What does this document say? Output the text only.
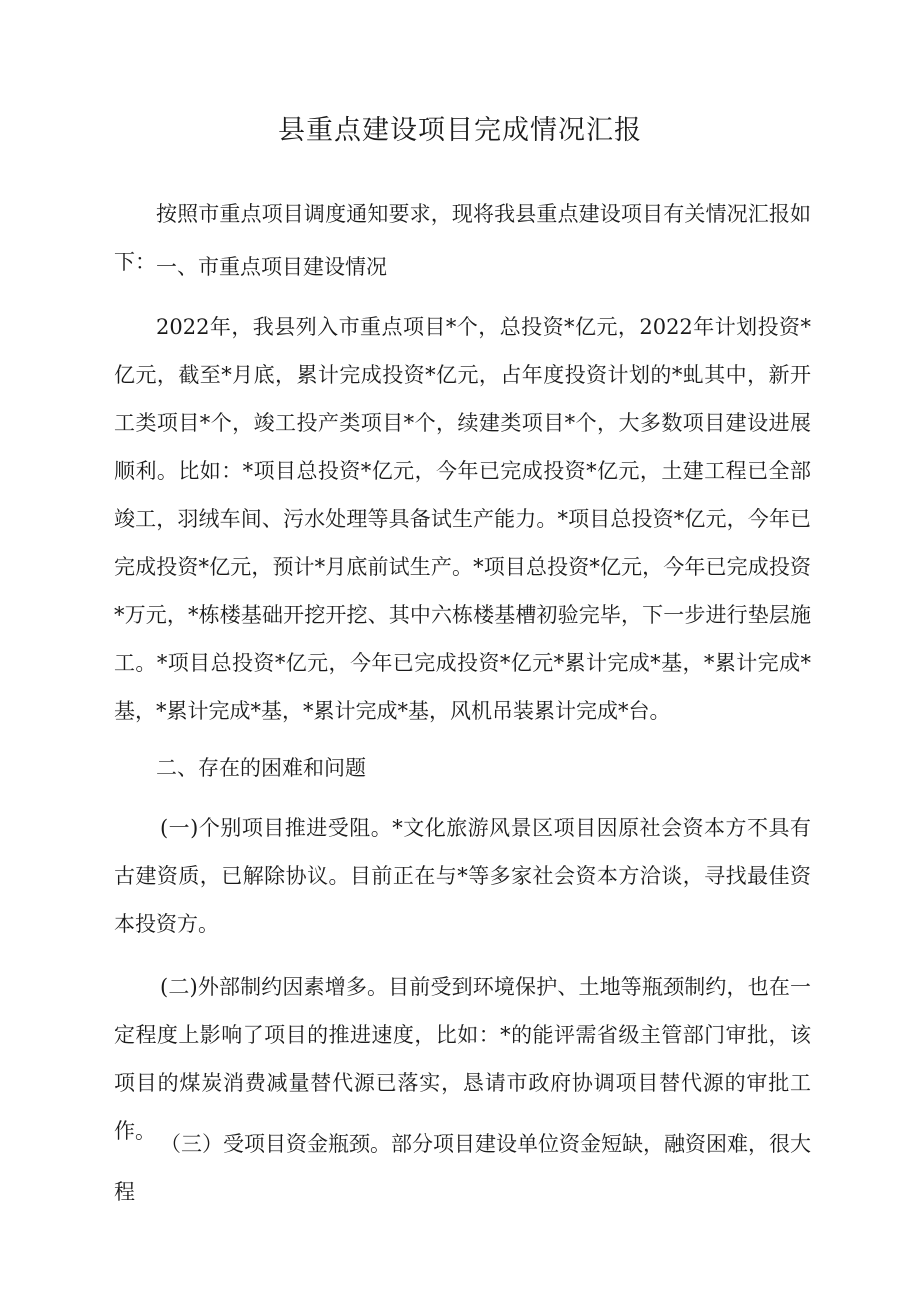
县重点建设项目完成情况汇报

按照市重点项目调度通知要求，现将我县重点建设项目有关情况汇报如下： 一、市重点项目建设情况

2022年，我县列入市重点项目*个，总投资*亿元，2022年计划投资*亿元，截至*月底，累计完成投资*亿元，占年度投资计划的*虬其中，新开工类项目*个，竣工投产类项目*个，续建类项目*个，大多数项目建设进展顺利。比如：*项目总投资*亿元，今年已完成投资*亿元，土建工程已全部竣工，羽绒车间、污水处理等具备试生产能力。*项目总投资*亿元，今年已完成投资*亿元，预计*月底前试生产。*项目总投资*亿元，今年已完成投资*万元，*栋楼基础开挖开挖、其中六栋楼基槽初验完毕，下一步进行垫层施工。*项目总投资*亿元，今年已完成投资*亿元*累计完成*基，*累计完成*基，*累计完成*基，*累计完成*基，风机吊装累计完成*台。

二、存在的困难和问题

(一)个别项目推进受阻。*文化旅游风景区项目因原社会资本方不具有古建资质，已解除协议。目前正在与*等多家社会资本方洽谈，寻找最佳资本投资方。

(二)外部制约因素增多。目前受到环境保护、土地等瓶颈制约，也在一定程度上影响了项目的推进速度，比如：*的能评需省级主管部门审批，该项目的煤炭消费减量替代源已落实，恳请市政府协调项目替代源的审批工作。

（三）受项目资金瓶颈。部分项目建设单位资金短缺，融资困难，很大程
